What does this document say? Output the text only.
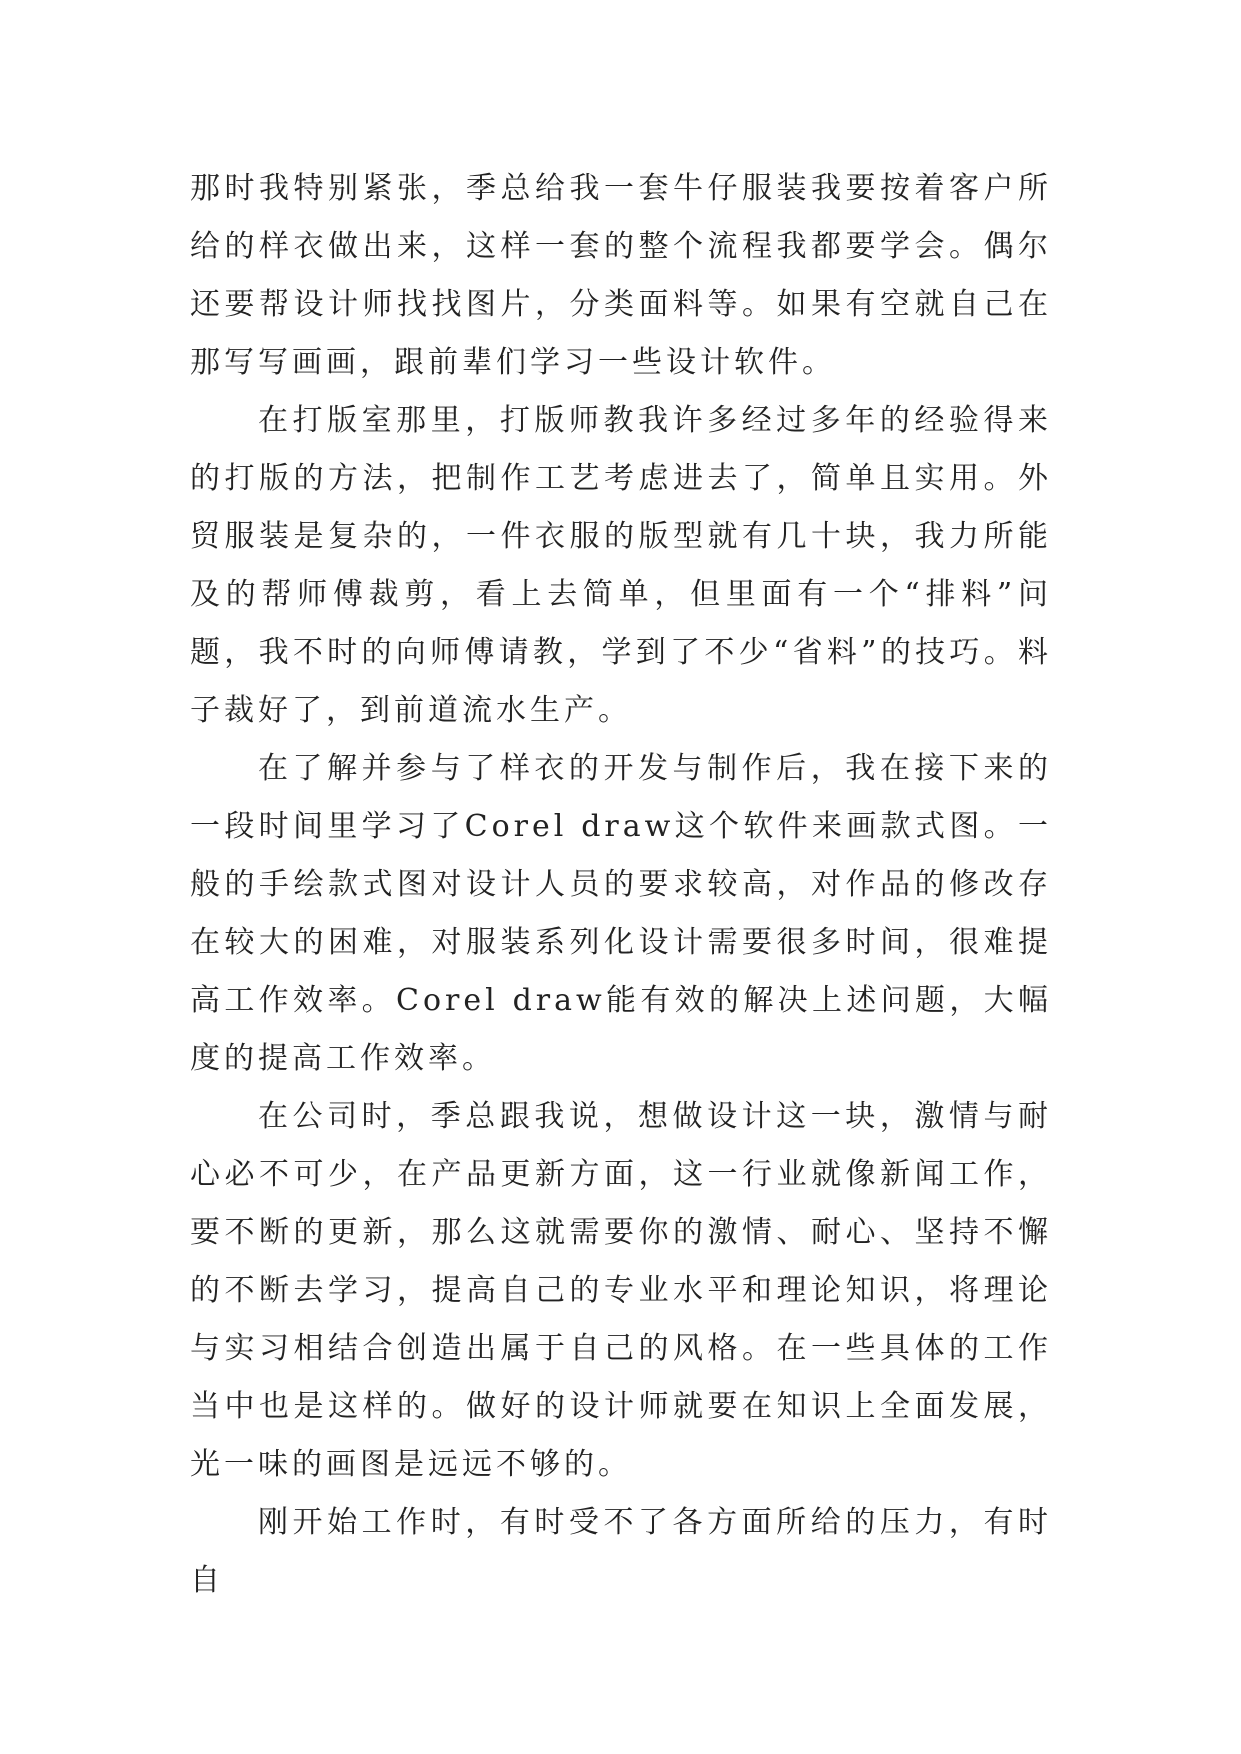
那时我特别紧张，季总给我一套牛仔服装我要按着客户所给的样衣做出来，这样一套的整个流程我都要学会。偶尔还要帮设计师找找图片，分类面料等。如果有空就自己在那写写画画，跟前辈们学习一些设计软件。

在打版室那里，打版师教我许多经过多年的经验得来的打版的方法，把制作工艺考虑进去了，简单且实用。外贸服装是复杂的，一件衣服的版型就有几十块，我力所能及的帮师傅裁剪，看上去简单，但里面有一个“排料”问题，我不时的向师傅请教，学到了不少“省料”的技巧。料子裁好了，到前道流水生产。

在了解并参与了样衣的开发与制作后，我在接下来的一段时间里学习了Corel draw这个软件来画款式图。一般的手绘款式图对设计人员的要求较高，对作品的修改存在较大的困难，对服装系列化设计需要很多时间，很难提高工作效率。Corel draw能有效的解决上述问题，大幅度的提高工作效率。

在公司时，季总跟我说，想做设计这一块，激情与耐心必不可少，在产品更新方面，这一行业就像新闻工作，要不断的更新，那么这就需要你的激情、耐心、坚持不懈的不断去学习，提高自己的专业水平和理论知识，将理论与实习相结合创造出属于自己的风格。在一些具体的工作当中也是这样的。做好的设计师就要在知识上全面发展，光一味的画图是远远不够的。

刚开始工作时，有时受不了各方面所给的压力，有时自
